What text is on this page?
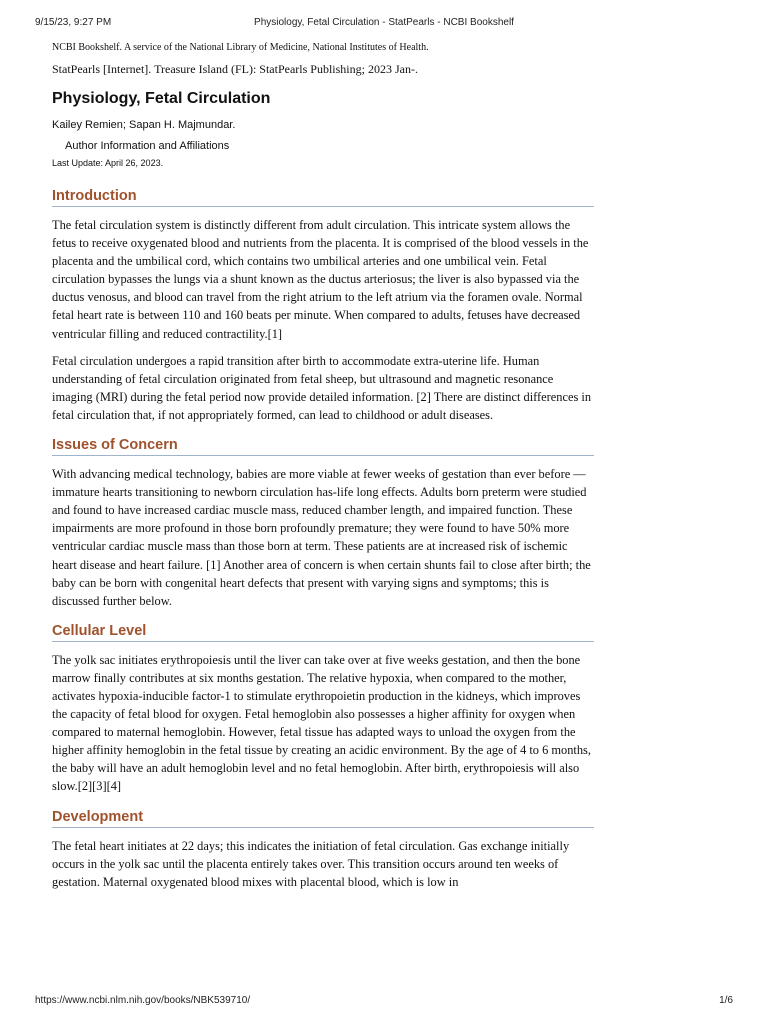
9/15/23, 9:27 PM	Physiology, Fetal Circulation - StatPearls - NCBI Bookshelf
NCBI Bookshelf. A service of the National Library of Medicine, National Institutes of Health.
StatPearls [Internet]. Treasure Island (FL): StatPearls Publishing; 2023 Jan-.
Physiology, Fetal Circulation
Kailey Remien; Sapan H. Majmundar.
Author Information and Affiliations
Last Update: April 26, 2023.
Introduction

The fetal circulation system is distinctly different from adult circulation. This intricate system allows the fetus to receive oxygenated blood and nutrients from the placenta. It is comprised of the blood vessels in the placenta and the umbilical cord, which contains two umbilical arteries and one umbilical vein. Fetal circulation bypasses the lungs via a shunt known as the ductus arteriosus; the liver is also bypassed via the ductus venosus, and blood can travel from the right atrium to the left atrium via the foramen ovale. Normal fetal heart rate is between 110 and 160 beats per minute. When compared to adults, fetuses have decreased ventricular filling and reduced contractility.[1]

Fetal circulation undergoes a rapid transition after birth to accommodate extra-uterine life. Human understanding of fetal circulation originated from fetal sheep, but ultrasound and magnetic resonance imaging (MRI) during the fetal period now provide detailed information. [2] There are distinct differences in fetal circulation that, if not appropriately formed, can lead to childhood or adult diseases.

Issues of Concern

With advancing medical technology, babies are more viable at fewer weeks of gestation than ever before — immature hearts transitioning to newborn circulation has-life long effects. Adults born preterm were studied and found to have increased cardiac muscle mass, reduced chamber length, and impaired function. These impairments are more profound in those born profoundly premature; they were found to have 50% more ventricular cardiac muscle mass than those born at term. These patients are at increased risk of ischemic heart disease and heart failure. [1] Another area of concern is when certain shunts fail to close after birth; the baby can be born with congenital heart defects that present with varying signs and symptoms; this is discussed further below.

Cellular Level

The yolk sac initiates erythropoiesis until the liver can take over at five weeks gestation, and then the bone marrow finally contributes at six months gestation. The relative hypoxia, when compared to the mother, activates hypoxia-inducible factor-1 to stimulate erythropoietin production in the kidneys, which improves the capacity of fetal blood for oxygen. Fetal hemoglobin also possesses a higher affinity for oxygen when compared to maternal hemoglobin. However, fetal tissue has adapted ways to unload the oxygen from the higher affinity hemoglobin in the fetal tissue by creating an acidic environment. By the age of 4 to 6 months, the baby will have an adult hemoglobin level and no fetal hemoglobin. After birth, erythropoiesis will also slow.[2][3][4]

Development

The fetal heart initiates at 22 days; this indicates the initiation of fetal circulation. Gas exchange initially occurs in the yolk sac until the placenta entirely takes over. This transition occurs around ten weeks of gestation. Maternal oxygenated blood mixes with placental blood, which is low in

https://www.ncbi.nlm.nih.gov/books/NBK539710/	1/6
